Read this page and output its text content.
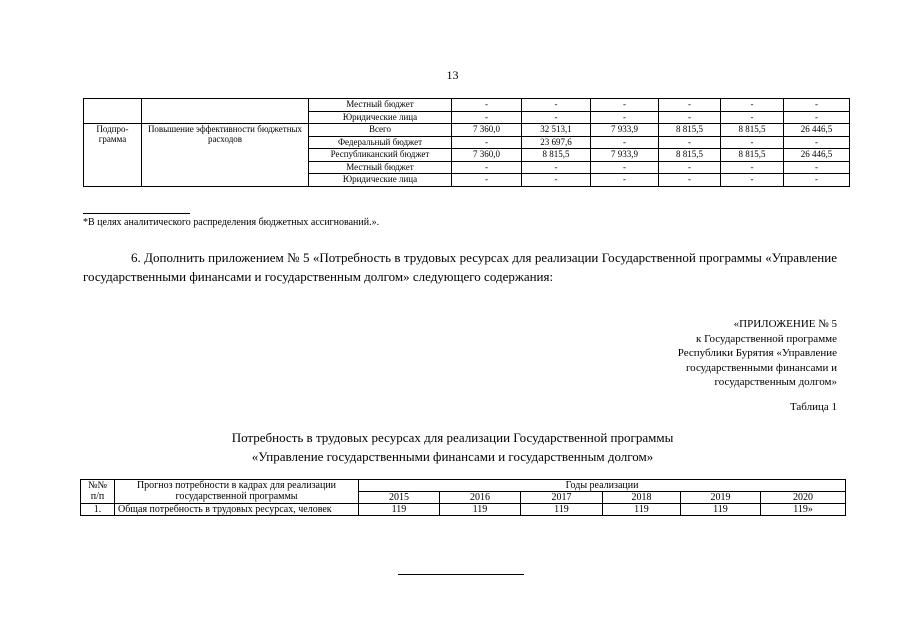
13
		Местный бюджет	-	-	-	-	-	-
		Юридические лица	-	-	-	-	-	-
Подпро-грамма	Повышение эффективности бюджетных расходов	Всего	7 360,0	32 513,1	7 933,9	8 815,5	8 815,5	26 446,5
		Федеральный бюджет	-	23 697,6	-	-	-	-
		Республиканский бюджет	7 360,0	8 815,5	7 933,9	8 815,5	8 815,5	26 446,5
		Местный бюджет	-	-	-	-	-	-
		Юридические лица	-	-	-	-	-	-
*В целях аналитического распределения бюджетных ассигнований.».
6. Дополнить приложением № 5 «Потребность в трудовых ресурсах для реализации Государственной программы «Управление государственными финансами и государственным долгом» следующего содержания:
«ПРИЛОЖЕНИЕ № 5
к Государственной программе
Республики Бурятия «Управление
государственными финансами и
государственным долгом»
Таблица 1
Потребность в трудовых ресурсах для реализации Государственной программы
«Управление государственными финансами и государственным долгом»
№№ п/п	Прогноз потребности в кадрах для реализации государственной программы	Годы реализации					
		2015	2016	2017	2018	2019	2020
1.	Общая потребность в трудовых ресурсах, человек	119	119	119	119	119	119»
